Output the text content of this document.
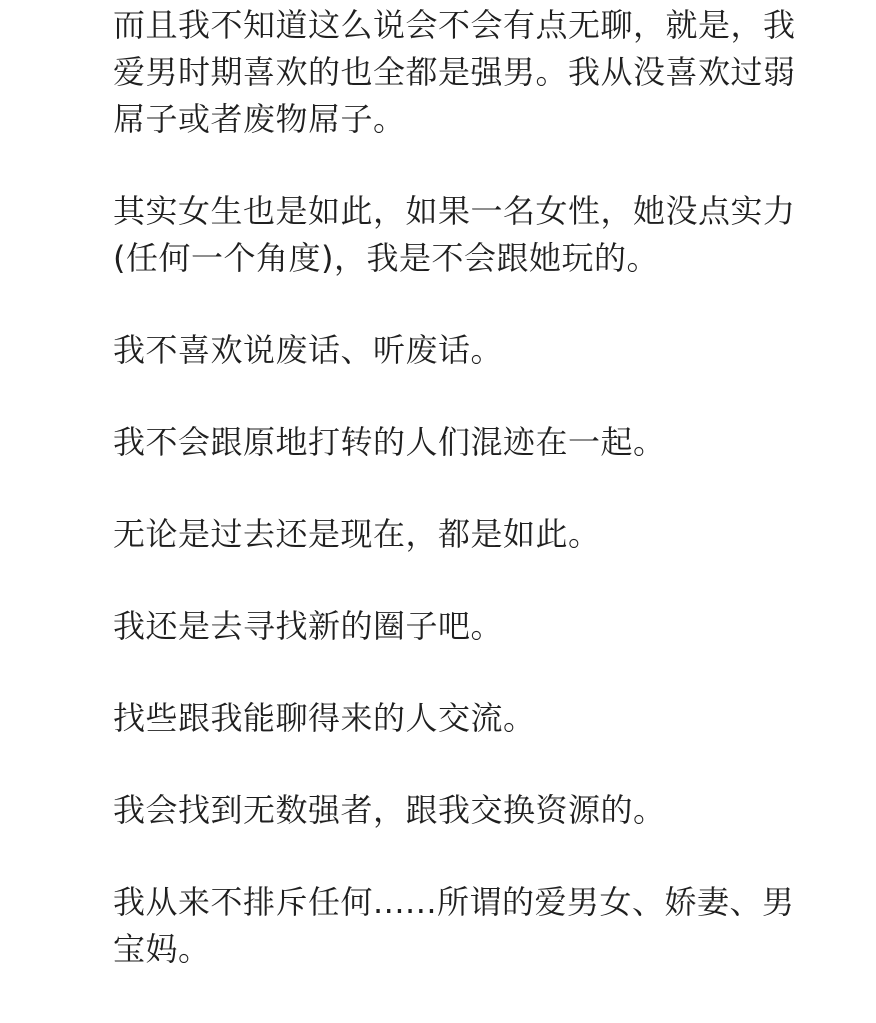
而且我不知道这么说会不会有点无聊，就是，我
爱男时期喜欢的也全都是强男。我从没喜欢过弱
屌子或者废物屌子。
其实女生也是如此，如果一名女性，她没点实力
(任何一个角度)，我是不会跟她玩的。
我不喜欢说废话、听废话。
我不会跟原地打转的人们混迹在一起。
无论是过去还是现在，都是如此。
我还是去寻找新的圈子吧。
找些跟我能聊得来的人交流。
我会找到无数强者，跟我交换资源的。
我从来不排斥任何......所谓的爱男女、娇妻、男
宝妈。
